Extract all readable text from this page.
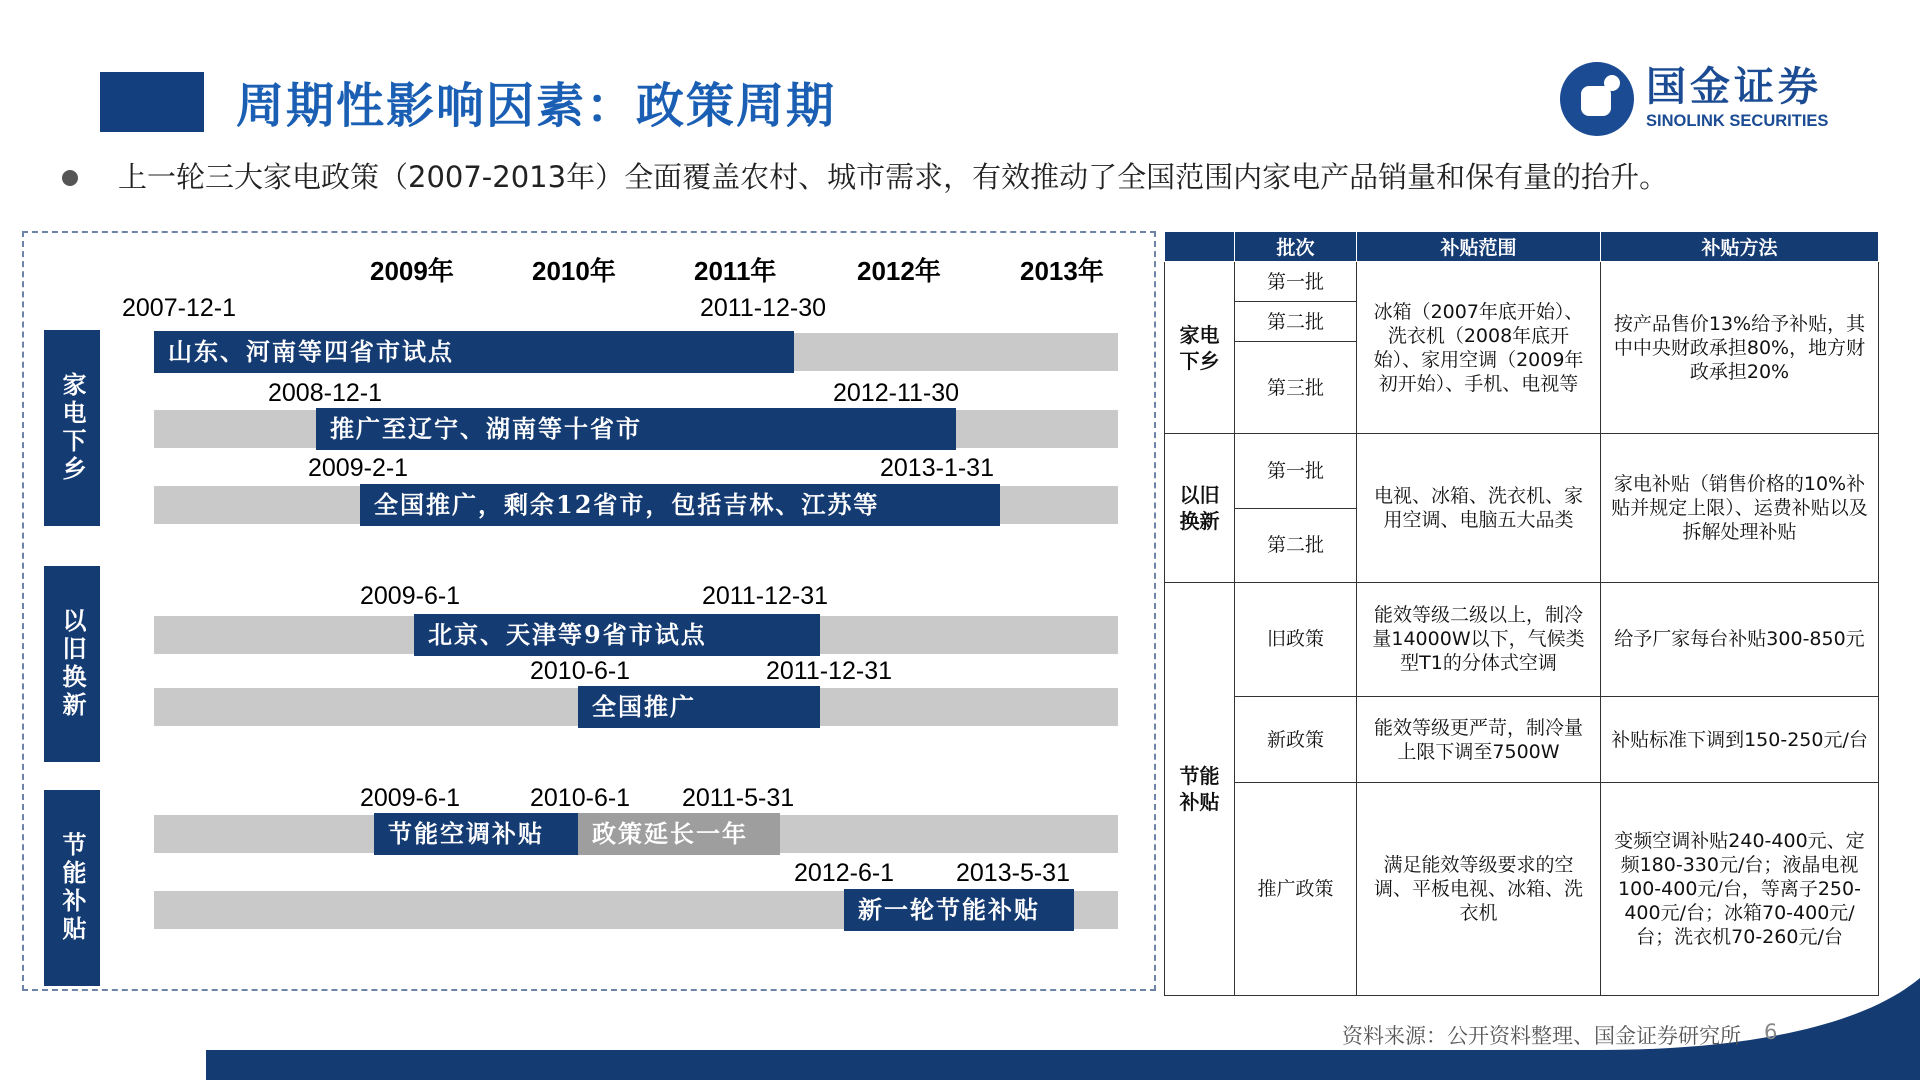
周期性影响因素：政策周期	国金证券
SINOLINK SECURITIES
上一轮三大家电政策（2007-2013年）全面覆盖农村、城市需求，有效推动了全国范围内家电产品销量和保有量的抬升。
2009年	2010年	2011年	2012年	2013年
家电下乡
2007-12-1	2011-12-30
山东、河南等四省市试点
2008-12-1	2012-11-30
推广至辽宁、湖南等十省市
2009-2-1	2013-1-31
全国推广，剩余12省市，包括吉林、江苏等
以旧换新
2009-6-1	2011-12-31
北京、天津等9省市试点
2010-6-1	2011-12-31
全国推广
节能补贴
2009-6-1	2010-6-1 2011-5-31
节能空调补贴	政策延长一年
2012-6-1 2013-5-31
新一轮节能补贴
	批次	补贴范围	补贴方法
家电下乡	第一批	冰箱（2007年底开始）、洗衣机（2008年底开始）、家用空调（2009年初开始）、手机、电视等	按产品售价13%给予补贴，其中中央财政承担80%，地方财政承担20%
	第二批		
	第三批		
以旧换新	第一批	电视、冰箱、洗衣机、家用空调、电脑五大品类	家电补贴（销售价格的10%补贴并规定上限）、运费补贴以及拆解处理补贴
	第二批		
节能补贴	旧政策	能效等级二级以上，制冷量14000W以下，气候类型T1的分体式空调	给予厂家每台补贴300-850元
	新政策	能效等级更严苛，制冷量上限下调至7500W	补贴标准下调到150-250元/台
	推广政策	满足能效等级要求的空调、平板电视、冰箱、洗衣机	变频空调补贴240-400元、定频180-330元/台；液晶电视100-400元/台，等离子250-400元/台；冰箱70-400元/台；洗衣机70-260元/台
资料来源：公开资料整理、国金证券研究所 6
